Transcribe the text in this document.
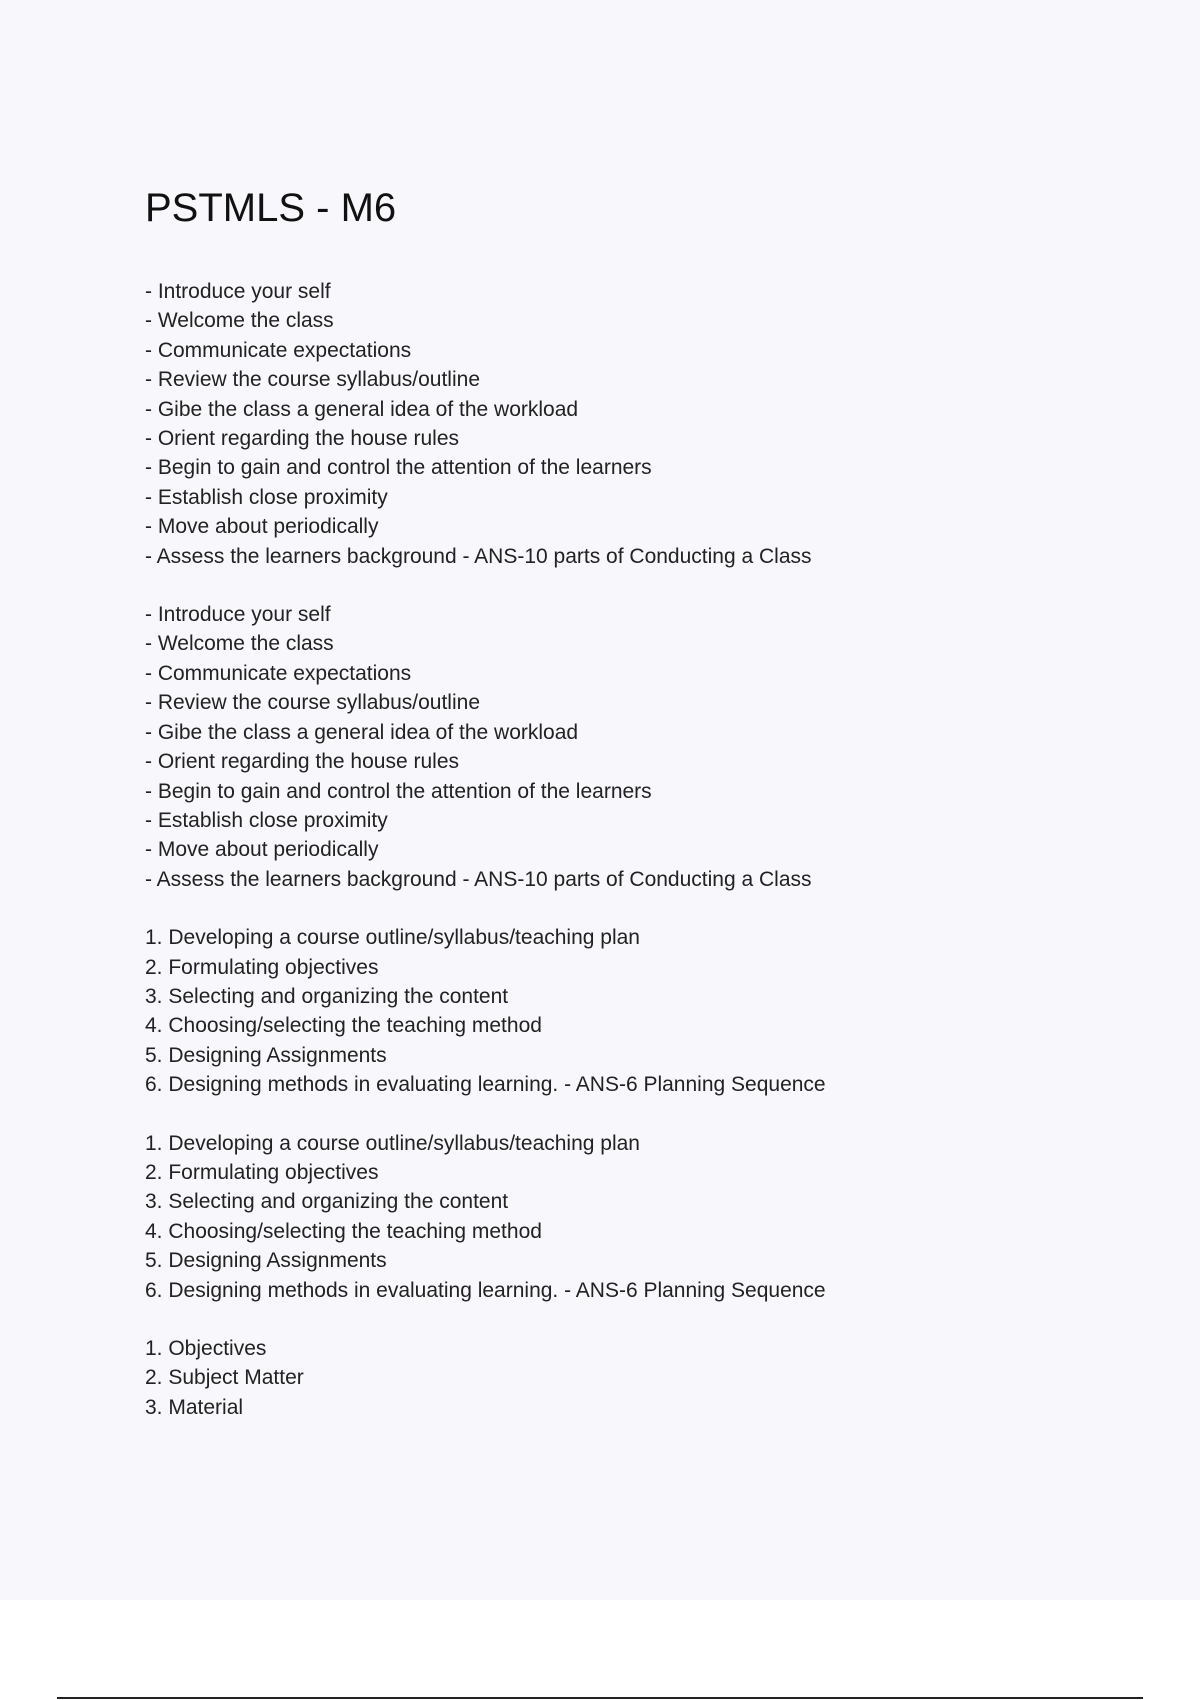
PSTMLS - M6
- Introduce your self
- Welcome the class
- Communicate expectations
- Review the course syllabus/outline
- Gibe the class a general idea of the workload
- Orient regarding the house rules
- Begin to gain and control the attention of the learners
- Establish close proximity
- Move about periodically
- Assess the learners background - ANS-10 parts of Conducting a Class
- Introduce your self
- Welcome the class
- Communicate expectations
- Review the course syllabus/outline
- Gibe the class a general idea of the workload
- Orient regarding the house rules
- Begin to gain and control the attention of the learners
- Establish close proximity
- Move about periodically
- Assess the learners background - ANS-10 parts of Conducting a Class
1. Developing a course outline/syllabus/teaching plan
2. Formulating objectives
3. Selecting and organizing the content
4. Choosing/selecting the teaching method
5. Designing Assignments
6. Designing methods in evaluating learning. - ANS-6 Planning Sequence
1. Developing a course outline/syllabus/teaching plan
2. Formulating objectives
3. Selecting and organizing the content
4. Choosing/selecting the teaching method
5. Designing Assignments
6. Designing methods in evaluating learning. - ANS-6 Planning Sequence
1. Objectives
2. Subject Matter
3. Material
